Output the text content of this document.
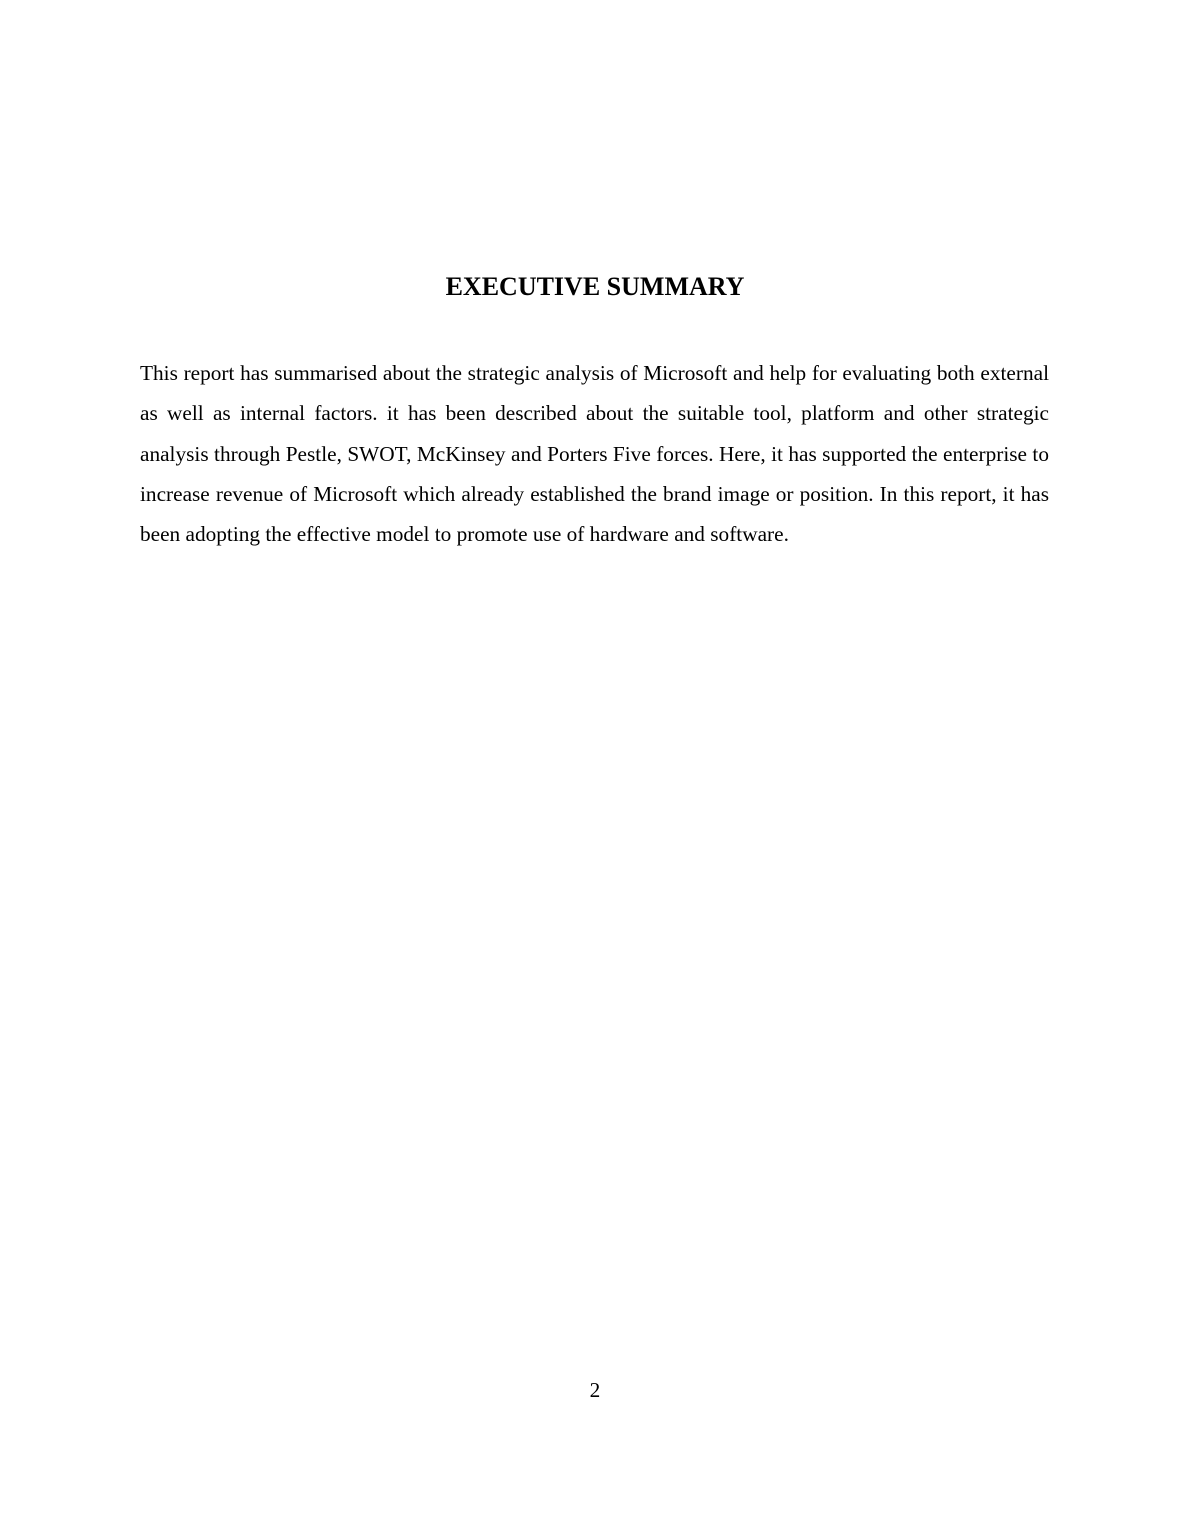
EXECUTIVE SUMMARY

This report has summarised about the strategic analysis of Microsoft and help for evaluating both external as well as internal factors. it has been described about the suitable tool, platform and other strategic analysis through Pestle, SWOT, McKinsey and Porters Five forces. Here, it has supported the enterprise to increase revenue of Microsoft which already established the brand image or position. In this report, it has been adopting the effective model to promote use of hardware and software.

2
